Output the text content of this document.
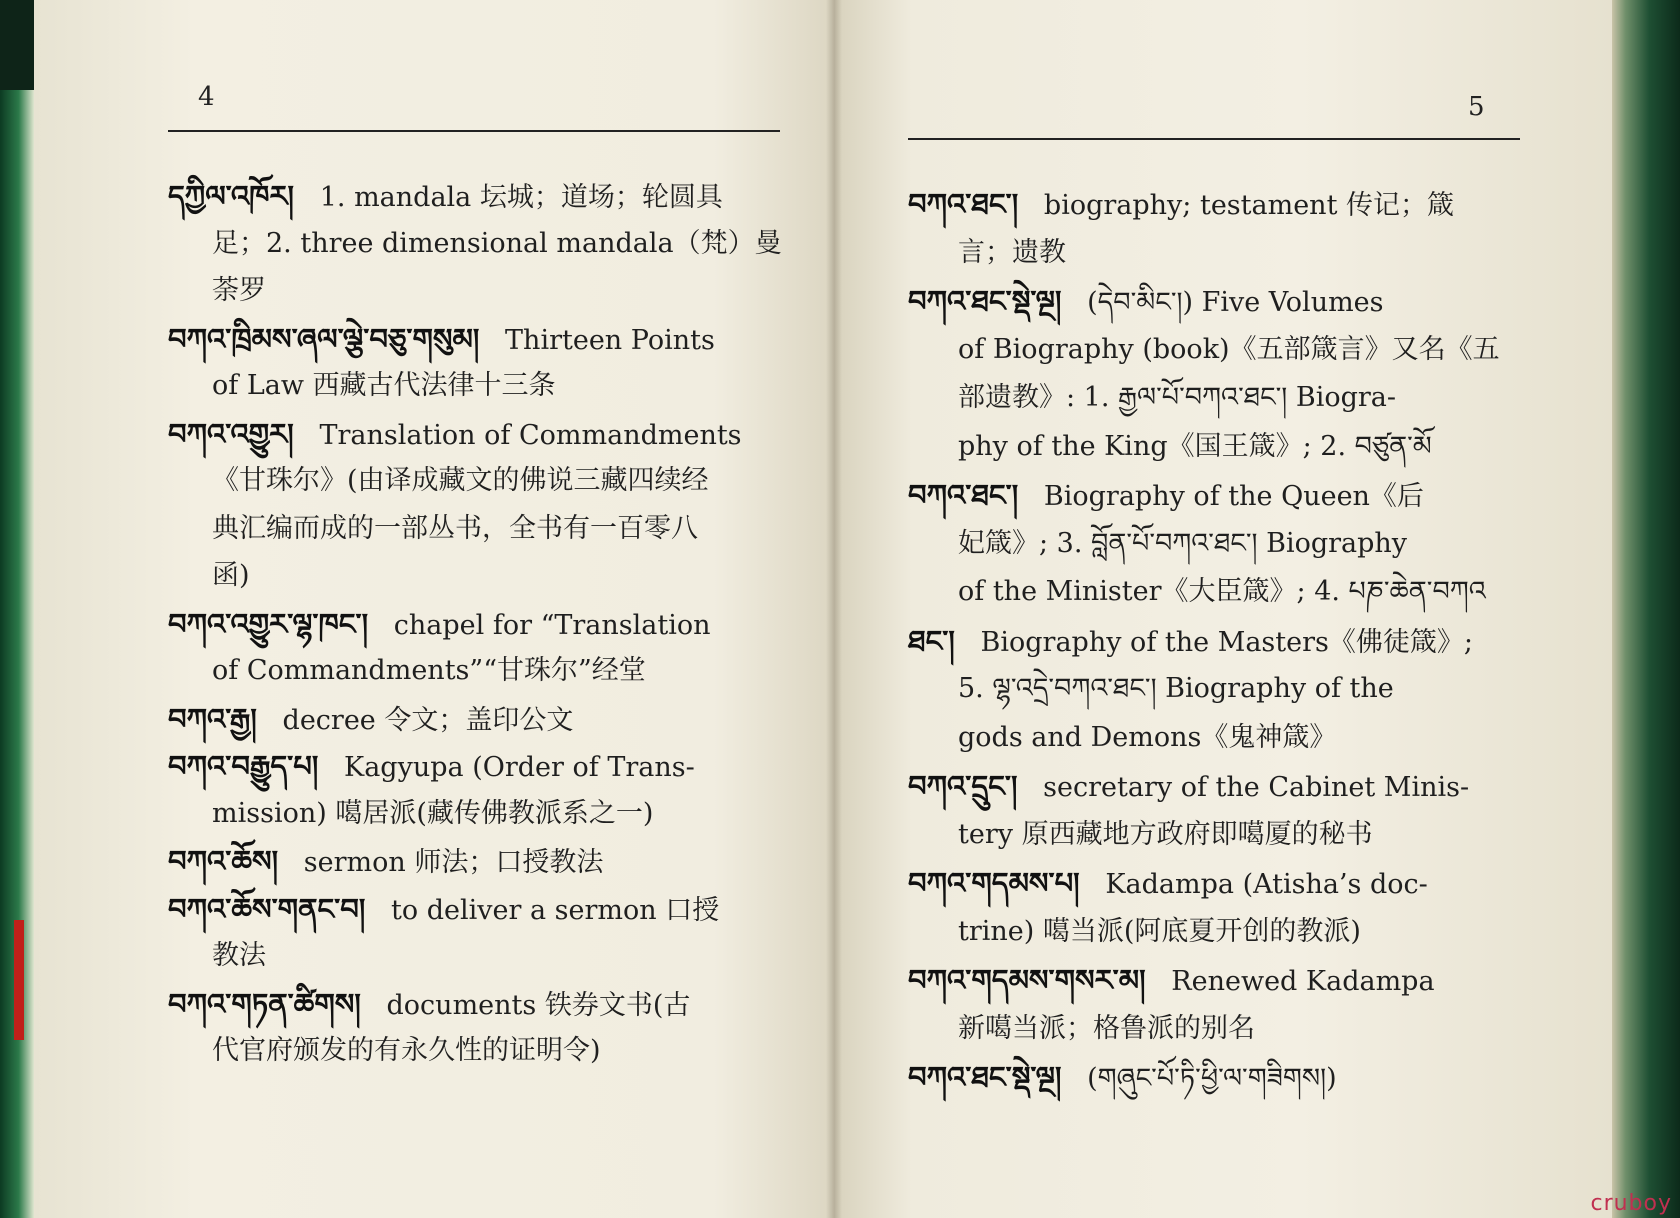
4	5
དཀྱིལ་འཁོར། 1. mandala 坛城；道场；轮圆具
足；2. three dimensional mandala（梵）曼
荼罗
བཀའ་ཁྲིམས་ཞལ་ལྕེ་བཅུ་གསུམ། Thirteen Points
of Law 西藏古代法律十三条
བཀའ་འགྱུར། Translation of Commandments
《甘珠尔》(由译成藏文的佛说三藏四续经
典汇编而成的一部丛书，全书有一百零八
函)
བཀའ་འགྱུར་ལྷ་ཁང་། chapel for “Translation
of Commandments”“甘珠尔”经堂
བཀའ་རྒྱ། decree 令文；盖印公文
བཀའ་བརྒྱུད་པ། Kagyupa (Order of Trans-
mission) 噶居派(藏传佛教派系之一)
བཀའ་ཆོས། sermon 师法；口授教法
བཀའ་ཆོས་གནང་བ། to deliver a sermon 口授
教法
བཀའ་གཏན་ཚིགས། documents 铁券文书(古
代官府颁发的有永久性的证明令)
བཀའ་ཐང་། biography; testament 传记；箴
言；遗教
བཀའ་ཐང་སྡེ་ལྔ། (དེབ་མིང་།) Five Volumes
of Biography (book)《五部箴言》又名《五
部遗教》: 1. རྒྱལ་པོ་བཀའ་ཐང་། Biogra-
phy of the King《国王箴》; 2. བཙུན་མོ
བཀའ་ཐང་། Biography of the Queen《后
妃箴》; 3. བློན་པོ་བཀའ་ཐང་། Biography
of the Minister《大臣箴》; 4. པཎ་ཆེན་བཀའ
ཐང་། Biography of the Masters《佛徒箴》;
5. ལྷ་འདྲེ་བཀའ་ཐང་། Biography of the
gods and Demons《鬼神箴》
བཀའ་དྲུང་། secretary of the Cabinet Minis-
tery 原西藏地方政府即噶厦的秘书
བཀའ་གདམས་པ། Kadampa (Atisha’s doc-
trine) 噶当派(阿底夏开创的教派)
བཀའ་གདམས་གསར་མ། Renewed Kadampa
新噶当派；格鲁派的别名
བཀའ་ཐང་སྡེ་ལྔ། (གཞུང་པོ་ཏི་ཕྱི་ལ་གཟིགས།)
cruboy
